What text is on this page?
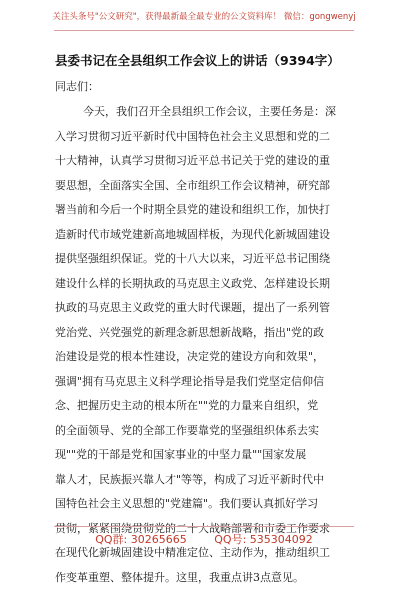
关注头条号"公文研究"，获得最新最全最专业的公文资料库！ 微信：gongwenyj
县委书记在全县组织工作会议上的讲话（9394字）
同志们：
今天，我们召开全县组织工作会议，主要任务是：深
入学习贯彻习近平新时代中国特色社会主义思想和党的二
十大精神，认真学习贯彻习近平总书记关于党的建设的重
要思想，全面落实全国、全市组织工作会议精神，研究部
署当前和今后一个时期全县党的建设和组织工作，加快打
造新时代市域党建新高地城固样板，为现代化新城固建设
提供坚强组织保证。党的十八大以来，习近平总书记围绕
建设什么样的长期执政的马克思主义政党、怎样建设长期
执政的马克思主义政党的重大时代课题，提出了一系列管
党治党、兴党强党的新理念新思想新战略，指出"党的政
治建设是党的根本性建设，决定党的建设方向和效果"，
强调"拥有马克思主义科学理论指导是我们党坚定信仰信
念、把握历史主动的根本所在""党的力量来自组织，党
的全面领导、党的全部工作要靠党的坚强组织体系去实
现""党的干部是党和国家事业的中坚力量""国家发展
靠人才，民族振兴靠人才"等等，构成了习近平新时代中
国特色社会主义思想的"党建篇"。我们要认真抓好学习
贯彻，紧紧围绕贯彻党的二十大战略部署和市委工作要求
在现代化新城固建设中精准定位、主动作为，推动组织工
作变革重塑、整体提升。这里，我重点讲3点意见。
QQ群: 30265665	QQ号: 535304092
